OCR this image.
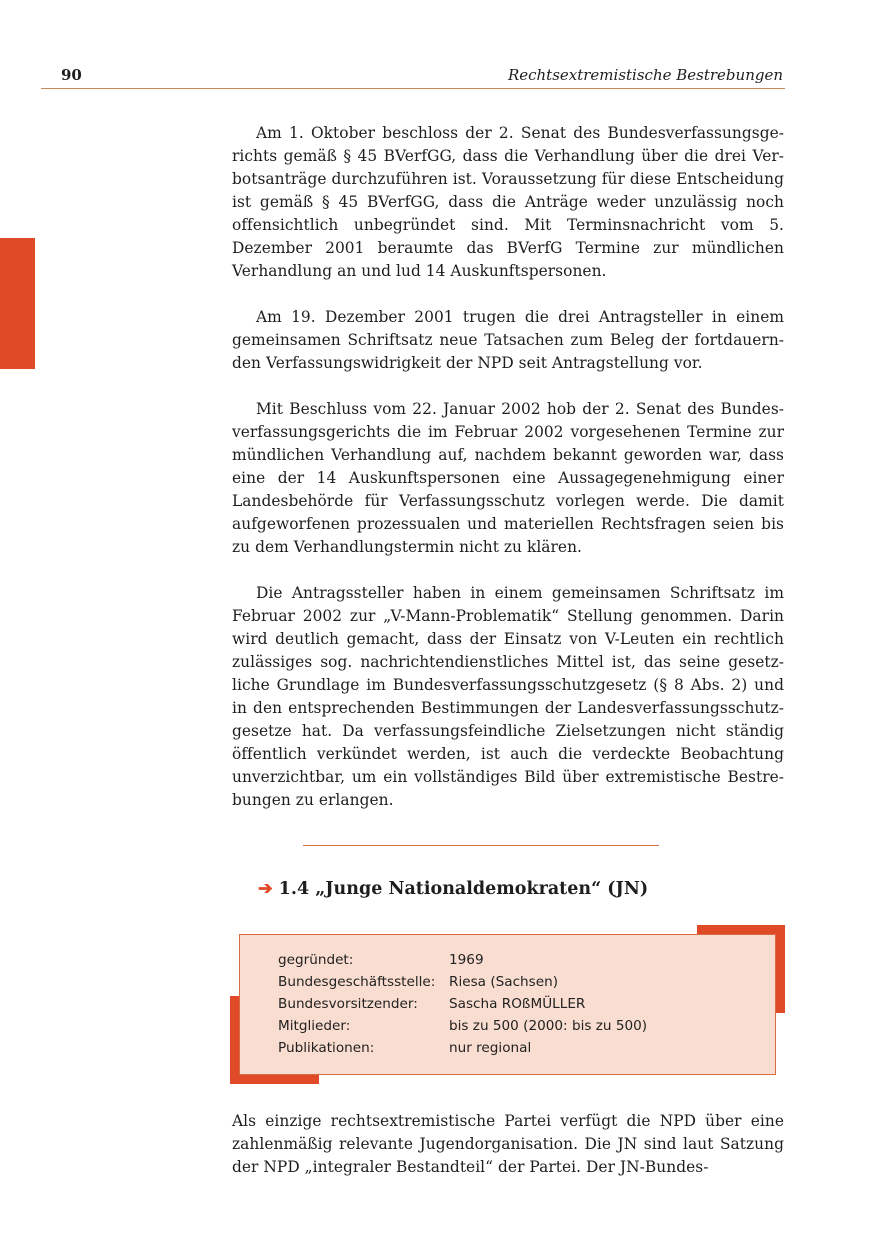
90	Rechtsextremistische Bestrebungen

Am 1. Oktober beschloss der 2. Senat des Bundesverfassungsgerichts gemäß § 45 BVerfGG, dass die Verhandlung über die drei Verbotsanträge durchzuführen ist. Voraussetzung für diese Entscheidung ist gemäß § 45 BVerfGG, dass die Anträge weder unzulässig noch offensichtlich unbegründet sind. Mit Terminsnachricht vom 5. Dezember 2001 beraumte das BVerfG Termine zur mündlichen Verhandlung an und lud 14 Auskunftspersonen.

Am 19. Dezember 2001 trugen die drei Antragsteller in einem gemeinsamen Schriftsatz neue Tatsachen zum Beleg der fortdauernden Verfassungswidrigkeit der NPD seit Antragstellung vor.

Mit Beschluss vom 22. Januar 2002 hob der 2. Senat des Bundesverfassungsgerichts die im Februar 2002 vorgesehenen Termine zur mündlichen Verhandlung auf, nachdem bekannt geworden war, dass eine der 14 Auskunftspersonen eine Aussagegenehmigung einer Landesbehörde für Verfassungsschutz vorlegen werde. Die damit aufgeworfenen prozessualen und materiellen Rechtsfragen seien bis zu dem Verhandlungstermin nicht zu klären.

Die Antragssteller haben in einem gemeinsamen Schriftsatz im Februar 2002 zur „V-Mann-Problematik“ Stellung genommen. Darin wird deutlich gemacht, dass der Einsatz von V-Leuten ein rechtlich zulässiges sog. nachrichtendienstliches Mittel ist, das seine gesetzliche Grundlage im Bundesverfassungsschutzgesetz (§ 8 Abs. 2) und in den entsprechenden Bestimmungen der Landesverfassungsschutzgesetze hat. Da verfassungsfeindliche Zielsetzungen nicht ständig öffentlich verkündet werden, ist auch die verdeckte Beobachtung unverzichtbar, um ein vollständiges Bild über extremistische Bestrebungen zu erlangen.

➔ 1.4 „Junge Nationaldemokraten“ (JN)
gegründet:	1969
Bundesgeschäftsstelle:	Riesa (Sachsen)
Bundesvorsitzender:	Sascha ROßMÜLLER
Mitglieder:	bis zu 500 (2000: bis zu 500)
Publikationen:	nur regional

Als einzige rechtsextremistische Partei verfügt die NPD über eine zahlenmäßig relevante Jugendorganisation. Die JN sind laut Satzung der NPD „integraler Bestandteil“ der Partei. Der JN-Bundes-
